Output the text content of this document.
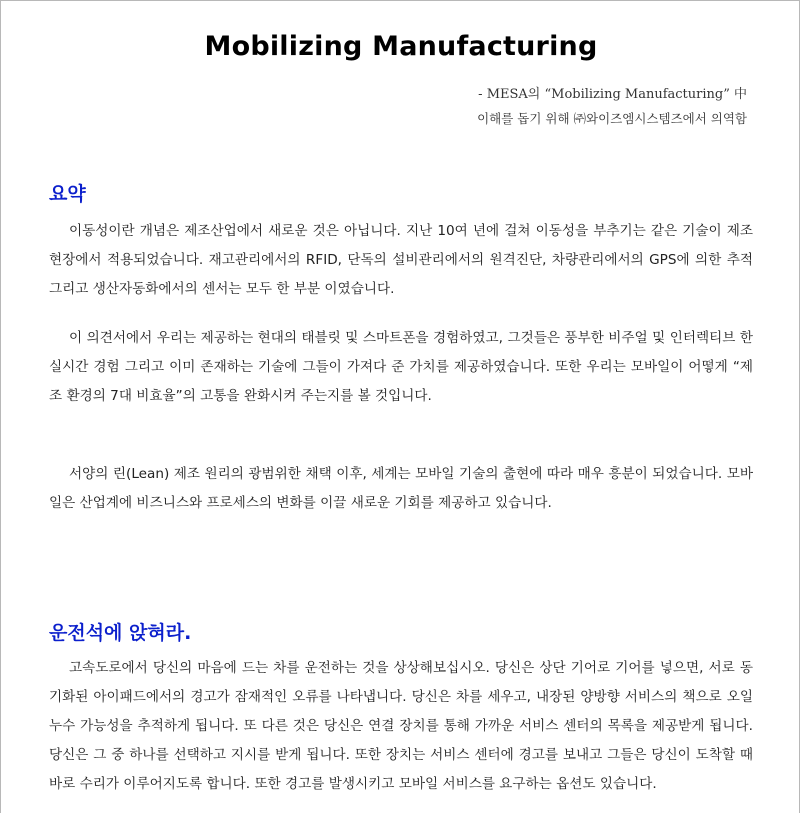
Mobilizing Manufacturing
- MESA의 “Mobilizing Manufacturing” 中
이해를 돕기 위해 ㈜와이즈엠시스템즈에서 의역함
요약

이동성이란 개념은 제조산업에서 새로운 것은 아닙니다. 지난 10여 년에 걸쳐 이동성을 부추기는 같은 기술이 제조현장에서 적용되었습니다. 재고관리에서의 RFID, 단독의 설비관리에서의 원격진단, 차량관리에서의 GPS에 의한 추적 그리고 생산자동화에서의 센서는 모두 한 부분 이였습니다.

이 의견서에서 우리는 제공하는 현대의 태블릿 및 스마트폰을 경험하였고, 그것들은 풍부한 비주얼 및 인터렉티브 한 실시간 경험 그리고 이미 존재하는 기술에 그들이 가져다 준 가치를 제공하였습니다. 또한 우리는 모바일이 어떻게 “제조 환경의 7대 비효율”의 고통을 완화시켜 주는지를 볼 것입니다.

서양의 린(Lean) 제조 원리의 광범위한 채택 이후, 세계는 모바일 기술의 출현에 따라 매우 흥분이 되었습니다. 모바일은 산업계에 비즈니스와 프로세스의 변화를 이끌 새로운 기회를 제공하고 있습니다.

운전석에 앉혀라.

고속도로에서 당신의 마음에 드는 차를 운전하는 것을 상상해보십시오. 당신은 상단 기어로 기어를 넣으면, 서로 동기화된 아이패드에서의 경고가 잠재적인 오류를 나타냅니다. 당신은 차를 세우고, 내장된 양방향 서비스의 책으로 오일 누수 가능성을 추적하게 됩니다. 또 다른 것은 당신은 연결 장치를 통해 가까운 서비스 센터의 목록을 제공받게 됩니다. 당신은 그 중 하나를 선택하고 지시를 받게 됩니다. 또한 장치는 서비스 센터에 경고를 보내고 그들은 당신이 도착할 때 바로 수리가 이루어지도록 합니다. 또한 경고를 발생시키고 모바일 서비스를 요구하는 옵션도 있습니다.
